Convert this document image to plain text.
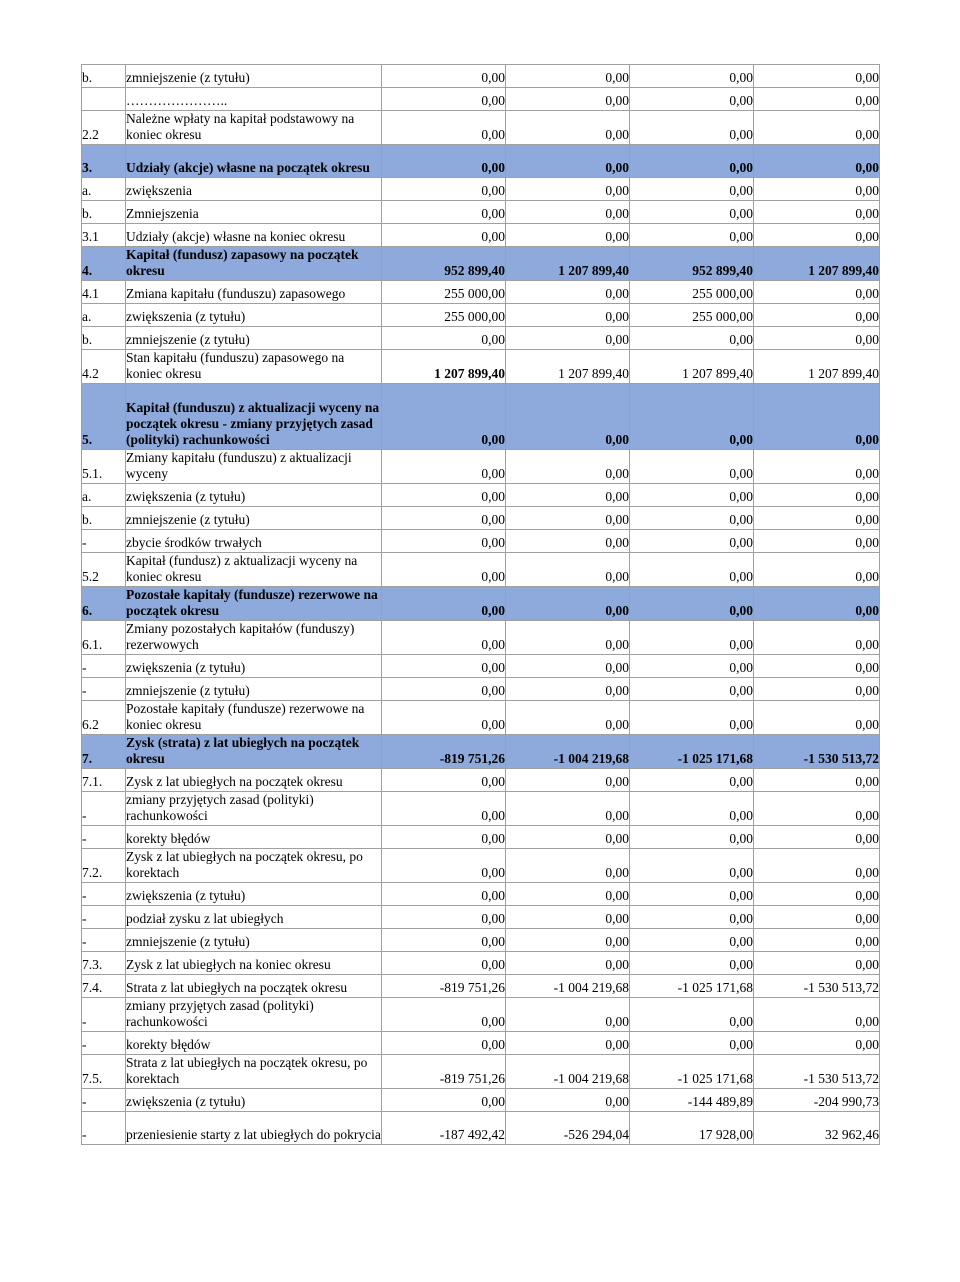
b.	zmniejszenie (z tytułu)	0,00	0,00	0,00	0,00
	…………………..	0,00	0,00	0,00	0,00
2.2	Należne wpłaty na kapitał podstawowy na koniec okresu	0,00	0,00	0,00	0,00
3.	Udziały (akcje) własne na początek okresu	0,00	0,00	0,00	0,00
a.	zwiększenia	0,00	0,00	0,00	0,00
b.	Zmniejszenia	0,00	0,00	0,00	0,00
3.1	Udziały (akcje) własne na koniec okresu	0,00	0,00	0,00	0,00
4.	Kapitał (fundusz) zapasowy na początek okresu	952 899,40	1 207 899,40	952 899,40	1 207 899,40
4.1	Zmiana kapitału (funduszu) zapasowego	255 000,00	0,00	255 000,00	0,00
a.	zwiększenia (z tytułu)	255 000,00	0,00	255 000,00	0,00
b.	zmniejszenie (z tytułu)	0,00	0,00	0,00	0,00
4.2	Stan kapitału (funduszu) zapasowego na koniec okresu	1 207 899,40	1 207 899,40	1 207 899,40	1 207 899,40
5.	Kapitał (funduszu) z aktualizacji wyceny na początek okresu - zmiany przyjętych zasad (polityki) rachunkowości	0,00	0,00	0,00	0,00
5.1.	Zmiany kapitału (funduszu) z aktualizacji wyceny	0,00	0,00	0,00	0,00
a.	zwiększenia (z tytułu)	0,00	0,00	0,00	0,00
b.	zmniejszenie (z tytułu)	0,00	0,00	0,00	0,00
-	zbycie środków trwałych	0,00	0,00	0,00	0,00
5.2	Kapitał (fundusz) z aktualizacji wyceny na koniec okresu	0,00	0,00	0,00	0,00
6.	Pozostałe kapitały (fundusze) rezerwowe na początek okresu	0,00	0,00	0,00	0,00
6.1.	Zmiany pozostałych kapitałów (funduszy) rezerwowych	0,00	0,00	0,00	0,00
-	zwiększenia (z tytułu)	0,00	0,00	0,00	0,00
-	zmniejszenie (z tytułu)	0,00	0,00	0,00	0,00
6.2	Pozostałe kapitały (fundusze) rezerwowe na koniec okresu	0,00	0,00	0,00	0,00
7.	Zysk (strata) z lat ubiegłych na początek okresu	-819 751,26	-1 004 219,68	-1 025 171,68	-1 530 513,72
7.1.	Zysk z lat ubiegłych na początek okresu	0,00	0,00	0,00	0,00
-	zmiany przyjętych zasad (polityki) rachunkowości	0,00	0,00	0,00	0,00
-	korekty błędów	0,00	0,00	0,00	0,00
7.2.	Zysk z lat ubiegłych na początek okresu, po korektach	0,00	0,00	0,00	0,00
-	zwiększenia (z tytułu)	0,00	0,00	0,00	0,00
-	podział zysku z lat ubiegłych	0,00	0,00	0,00	0,00
-	zmniejszenie (z tytułu)	0,00	0,00	0,00	0,00
7.3.	Zysk z lat ubiegłych na koniec okresu	0,00	0,00	0,00	0,00
7.4.	Strata z lat ubiegłych na początek okresu	-819 751,26	-1 004 219,68	-1 025 171,68	-1 530 513,72
-	zmiany przyjętych zasad (polityki) rachunkowości	0,00	0,00	0,00	0,00
-	korekty błędów	0,00	0,00	0,00	0,00
7.5.	Strata z lat ubiegłych na początek okresu, po korektach	-819 751,26	-1 004 219,68	-1 025 171,68	-1 530 513,72
-	zwiększenia (z tytułu)	0,00	0,00	-144 489,89	-204 990,73
-	przeniesienie starty z lat ubiegłych do pokrycia	-187 492,42	-526 294,04	17 928,00	32 962,46
